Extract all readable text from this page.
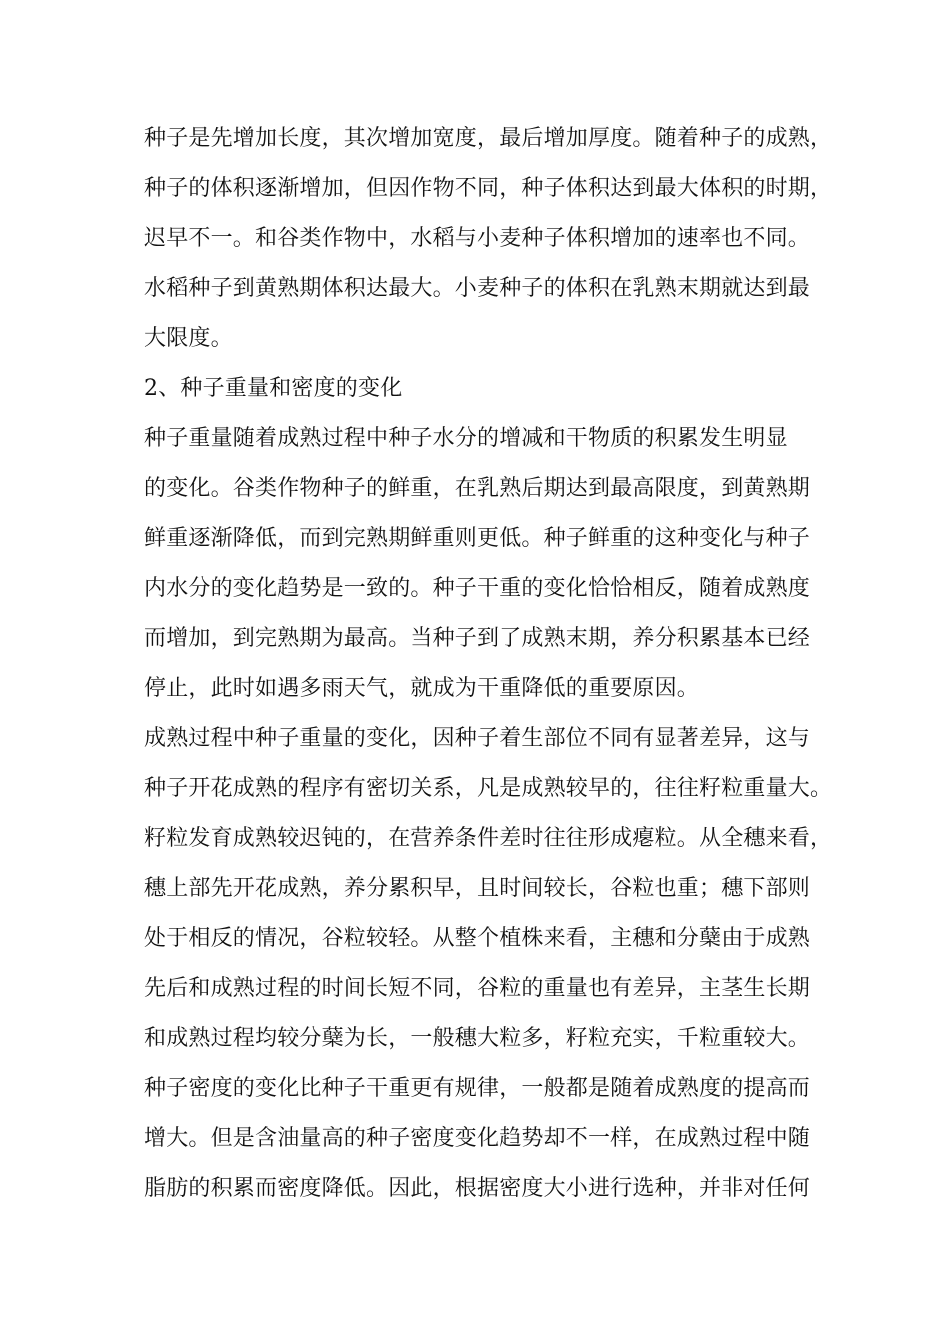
种子是先增加长度，其次增加宽度，最后增加厚度。随着种子的成熟，
种子的体积逐渐增加，但因作物不同，种子体积达到最大体积的时期，
迟早不一。和谷类作物中，水稻与小麦种子体积增加的速率也不同。
水稻种子到黄熟期体积达最大。小麦种子的体积在乳熟末期就达到最
大限度。
2、种子重量和密度的变化
种子重量随着成熟过程中种子水分的增减和干物质的积累发生明显
的变化。谷类作物种子的鲜重，在乳熟后期达到最高限度，到黄熟期
鲜重逐渐降低，而到完熟期鲜重则更低。种子鲜重的这种变化与种子
内水分的变化趋势是一致的。种子干重的变化恰恰相反，随着成熟度
而增加，到完熟期为最高。当种子到了成熟末期，养分积累基本已经
停止，此时如遇多雨天气，就成为干重降低的重要原因。
成熟过程中种子重量的变化，因种子着生部位不同有显著差异，这与
种子开花成熟的程序有密切关系，凡是成熟较早的，往往籽粒重量大。
籽粒发育成熟较迟钝的，在营养条件差时往往形成瘪粒。从全穗来看，
穗上部先开花成熟，养分累积早，且时间较长，谷粒也重；穗下部则
处于相反的情况，谷粒较轻。从整个植株来看，主穗和分蘖由于成熟
先后和成熟过程的时间长短不同，谷粒的重量也有差异，主茎生长期
和成熟过程均较分蘖为长，一般穗大粒多，籽粒充实，千粒重较大。
种子密度的变化比种子干重更有规律，一般都是随着成熟度的提高而
增大。但是含油量高的种子密度变化趋势却不一样，在成熟过程中随
脂肪的积累而密度降低。因此，根据密度大小进行选种，并非对任何
